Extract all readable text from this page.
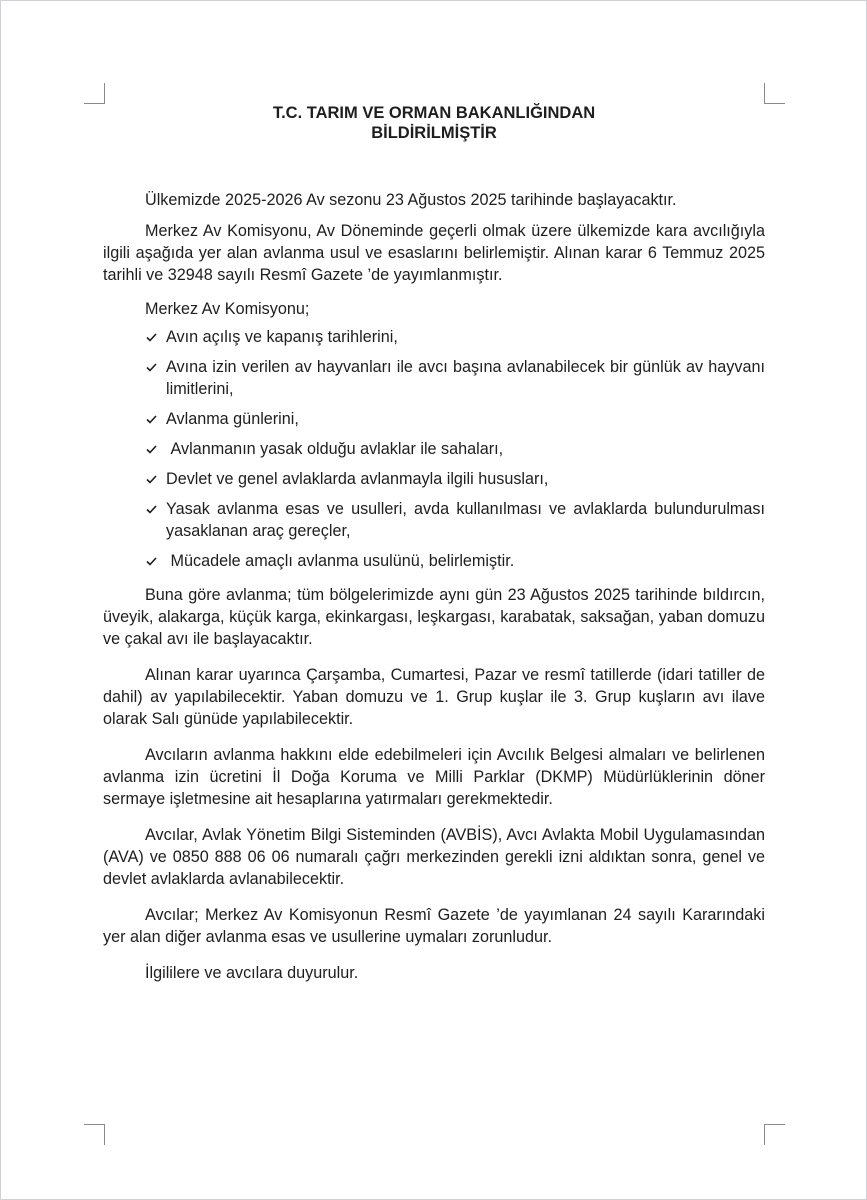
T.C. TARIM VE ORMAN BAKANLIĞINDAN
BİLDİRİLMİŞTİR

Ülkemizde 2025-2026 Av sezonu 23 Ağustos 2025 tarihinde başlayacaktır.

Merkez Av Komisyonu, Av Döneminde geçerli olmak üzere ülkemizde kara avcılığıyla ilgili aşağıda yer alan avlanma usul ve esaslarını belirlemiştir. Alınan karar 6 Temmuz 2025 tarihli ve 32948 sayılı Resmî Gazete ’de yayımlanmıştır.

Merkez Av Komisyonu;

Avın açılış ve kapanış tarihlerini,
Avına izin verilen av hayvanları ile avcı başına avlanabilecek bir günlük av hayvanı limitlerini,
Avlanma günlerini,
Avlanmanın yasak olduğu avlaklar ile sahaları,
Devlet ve genel avlaklarda avlanmayla ilgili hususları,
Yasak avlanma esas ve usulleri, avda kullanılması ve avlaklarda bulundurulması yasaklanan araç gereçler,
Mücadele amaçlı avlanma usulünü, belirlemiştir.

Buna göre avlanma; tüm bölgelerimizde aynı gün 23 Ağustos 2025 tarihinde bıldırcın, üveyik, alakarga, küçük karga, ekinkargası, leşkargası, karabatak, saksağan, yaban domuzu ve çakal avı ile başlayacaktır.

Alınan karar uyarınca Çarşamba, Cumartesi, Pazar ve resmî tatillerde (idari tatiller de dahil) av yapılabilecektir. Yaban domuzu ve 1. Grup kuşlar ile 3. Grup kuşların avı ilave olarak Salı günüde yapılabilecektir.

Avcıların avlanma hakkını elde edebilmeleri için Avcılık Belgesi almaları ve belirlenen avlanma izin ücretini İl Doğa Koruma ve Milli Parklar (DKMP) Müdürlüklerinin döner sermaye işletmesine ait hesaplarına yatırmaları gerekmektedir.

Avcılar, Avlak Yönetim Bilgi Sisteminden (AVBİS), Avcı Avlakta Mobil Uygulamasından (AVA) ve 0850 888 06 06 numaralı çağrı merkezinden gerekli izni aldıktan sonra, genel ve devlet avlaklarda avlanabilecektir.

Avcılar; Merkez Av Komisyonun Resmî Gazete ’de yayımlanan 24 sayılı Kararındaki yer alan diğer avlanma esas ve usullerine uymaları zorunludur.

İlgililere ve avcılara duyurulur.
